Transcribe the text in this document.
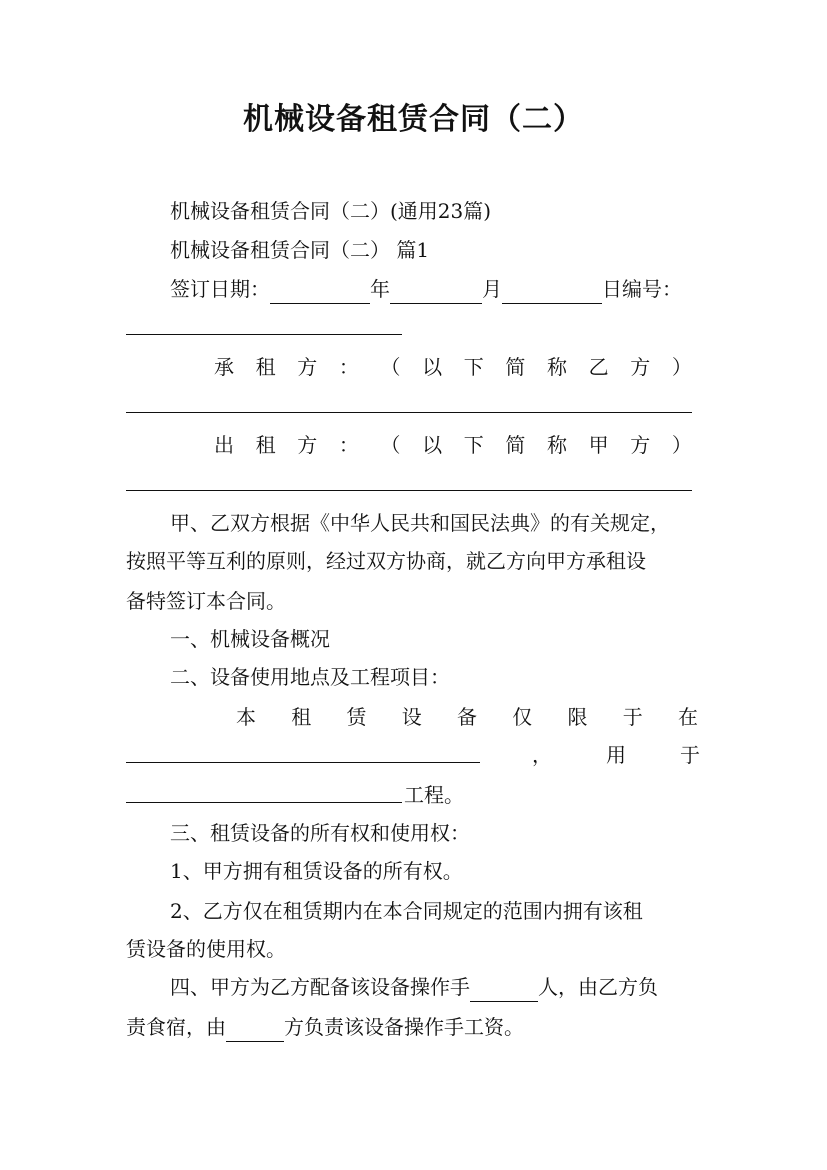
机械设备租赁合同（二）
机械设备租赁合同（二）(通用23篇)
机械设备租赁合同（二） 篇1
签订日期：	年	月	日编号：
承 租 方 ： （ 以 下 简 称 乙 方 ）
出 租 方 ： （ 以 下 简 称 甲 方 ）
甲、乙双方根据《中华人民共和国民法典》的有关规定，
按照平等互利的原则，经过双方协商，就乙方向甲方承租设
备特签订本合同。
一、机械设备概况
二、设备使用地点及工程项目：
本 租 赁 设 备 仅 限 于 在
，	用	于
工程。
三、租赁设备的所有权和使用权：
1、甲方拥有租赁设备的所有权。
2、乙方仅在租赁期内在本合同规定的范围内拥有该租
赁设备的使用权。
四、甲方为乙方配备该设备操作手	人，由乙方负
责食宿，由	方负责该设备操作手工资。
